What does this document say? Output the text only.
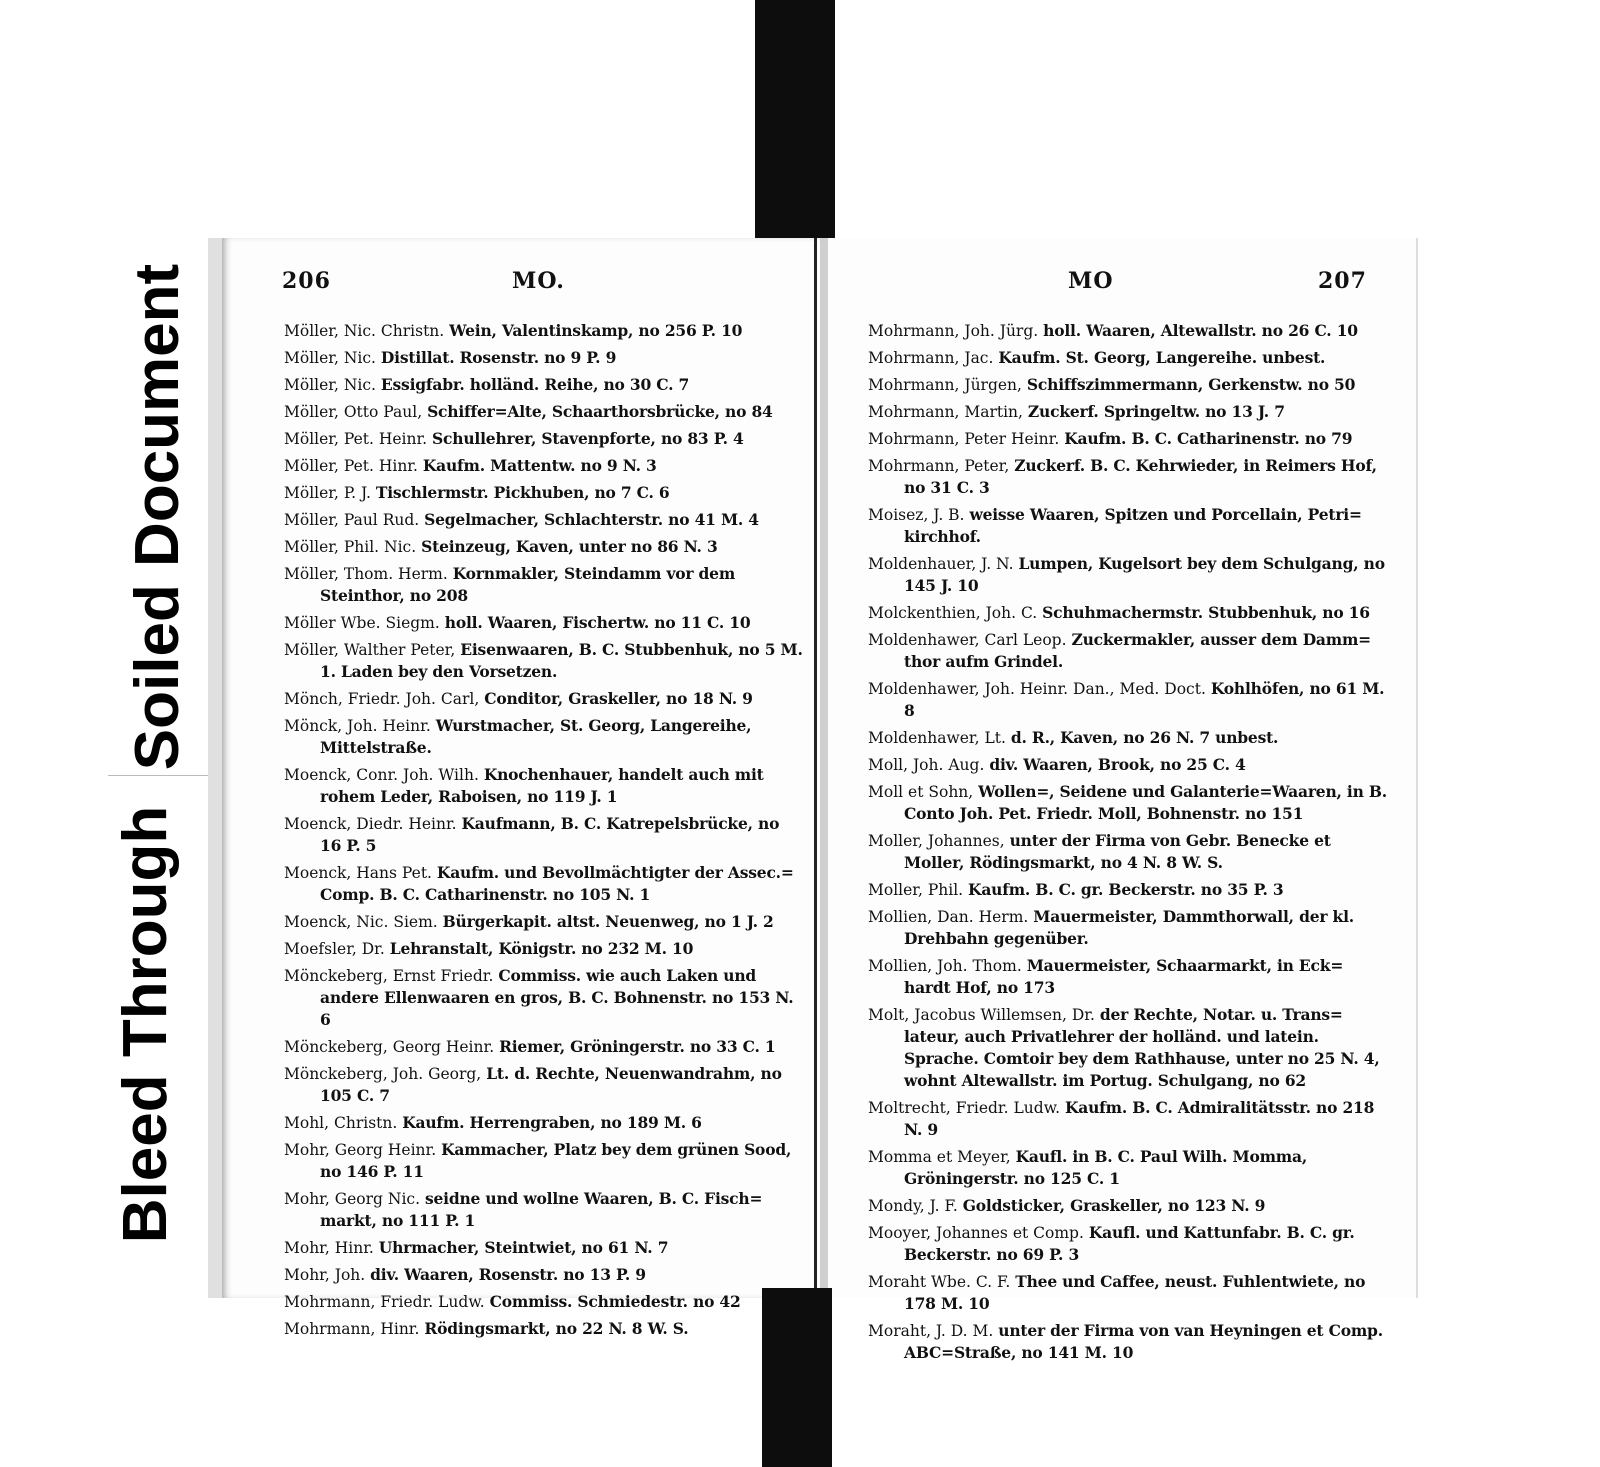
Soiled Document
Bleed Through
206	MO.
Möller, Nic. Christn. Wein, Valentinskamp, no 256 P. 10
Möller, Nic. Distillat. Rosenstr. no 9 P. 9
Möller, Nic. Essigfabr. holländ. Reihe, no 30 C. 7
Möller, Otto Paul, Schiffer=Alte, Schaarthorsbrücke, no 84
Möller, Pet. Heinr. Schullehrer, Stavenpforte, no 83 P. 4
Möller, Pet. Hinr. Kaufm. Mattentw. no 9 N. 3
Möller, P. J. Tischlermstr. Pickhuben, no 7 C. 6
Möller, Paul Rud. Segelmacher, Schlachterstr. no 41 M. 4
Möller, Phil. Nic. Steinzeug, Kaven, unter no 86 N. 3
Möller, Thom. Herm. Kornmakler, Steindamm vor dem Steinthor, no 208
Möller Wbe. Siegm. holl. Waaren, Fischertw. no 11 C. 10
Möller, Walther Peter, Eisenwaaren, B. C. Stubbenhuk, no 5 M. 1. Laden bey den Vorsetzen.
Mönch, Friedr. Joh. Carl, Conditor, Graskeller, no 18 N. 9
Mönck, Joh. Heinr. Wurstmacher, St. Georg, Langereihe, Mittelstraße.
Moenck, Conr. Joh. Wilh. Knochenhauer, handelt auch mit rohem Leder, Raboisen, no 119 J. 1
Moenck, Diedr. Heinr. Kaufmann, B. C. Katrepelsbrücke, no 16 P. 5
Moenck, Hans Pet. Kaufm. und Bevollmächtigter der Assec.= Comp. B. C. Catharinenstr. no 105 N. 1
Moenck, Nic. Siem. Bürgerkapit. altst. Neuenweg, no 1 J. 2
Moefsler, Dr. Lehranstalt, Königstr. no 232 M. 10
Mönckeberg, Ernst Friedr. Commiss. wie auch Laken und andere Ellenwaaren en gros, B. C. Bohnenstr. no 153 N. 6
Mönckeberg, Georg Heinr. Riemer, Gröningerstr. no 33 C. 1
Mönckeberg, Joh. Georg, Lt. d. Rechte, Neuenwandrahm, no 105 C. 7
Mohl, Christn. Kaufm. Herrengraben, no 189 M. 6
Mohr, Georg Heinr. Kammacher, Platz bey dem grünen Sood, no 146 P. 11
Mohr, Georg Nic. seidne und wollne Waaren, B. C. Fisch= markt, no 111 P. 1
Mohr, Hinr. Uhrmacher, Steintwiet, no 61 N. 7
Mohr, Joh. div. Waaren, Rosenstr. no 13 P. 9
Mohrmann, Friedr. Ludw. Commiss. Schmiedestr. no 42
Mohrmann, Hinr. Rödingsmarkt, no 22 N. 8 W. S.
MO	207
Mohrmann, Joh. Jürg. holl. Waaren, Altewallstr. no 26 C. 10
Mohrmann, Jac. Kaufm. St. Georg, Langereihe. unbest.
Mohrmann, Jürgen, Schiffszimmermann, Gerkenstw. no 50
Mohrmann, Martin, Zuckerf. Springeltw. no 13 J. 7
Mohrmann, Peter Heinr. Kaufm. B. C. Catharinenstr. no 79
Mohrmann, Peter, Zuckerf. B. C. Kehrwieder, in Reimers Hof, no 31 C. 3
Moisez, J. B. weisse Waaren, Spitzen und Porcellain, Petri= kirchhof.
Moldenhauer, J. N. Lumpen, Kugelsort bey dem Schulgang, no 145 J. 10
Molckenthien, Joh. C. Schuhmachermstr. Stubbenhuk, no 16
Moldenhawer, Carl Leop. Zuckermakler, ausser dem Damm= thor aufm Grindel.
Moldenhawer, Joh. Heinr. Dan., Med. Doct. Kohlhöfen, no 61 M. 8
Moldenhawer, Lt. d. R., Kaven, no 26 N. 7 unbest.
Moll, Joh. Aug. div. Waaren, Brook, no 25 C. 4
Moll et Sohn, Wollen=, Seidene und Galanterie=Waaren, in B. Conto Joh. Pet. Friedr. Moll, Bohnenstr. no 151
Moller, Johannes, unter der Firma von Gebr. Benecke et Moller, Rödingsmarkt, no 4 N. 8 W. S.
Moller, Phil. Kaufm. B. C. gr. Beckerstr. no 35 P. 3
Mollien, Dan. Herm. Mauermeister, Dammthorwall, der kl. Drehbahn gegenüber.
Mollien, Joh. Thom. Mauermeister, Schaarmarkt, in Eck= hardt Hof, no 173
Molt, Jacobus Willemsen, Dr. der Rechte, Notar. u. Trans= lateur, auch Privatlehrer der holländ. und latein. Sprache. Comtoir bey dem Rathhause, unter no 25 N. 4, wohnt Altewallstr. im Portug. Schulgang, no 62
Moltrecht, Friedr. Ludw. Kaufm. B. C. Admiralitätsstr. no 218 N. 9
Momma et Meyer, Kaufl. in B. C. Paul Wilh. Momma, Gröningerstr. no 125 C. 1
Mondy, J. F. Goldsticker, Graskeller, no 123 N. 9
Mooyer, Johannes et Comp. Kaufl. und Kattunfabr. B. C. gr. Beckerstr. no 69 P. 3
Moraht Wbe. C. F. Thee und Caffee, neust. Fuhlentwiete, no 178 M. 10
Moraht, J. D. M. unter der Firma von van Heyningen et Comp. ABC=Straße, no 141 M. 10
